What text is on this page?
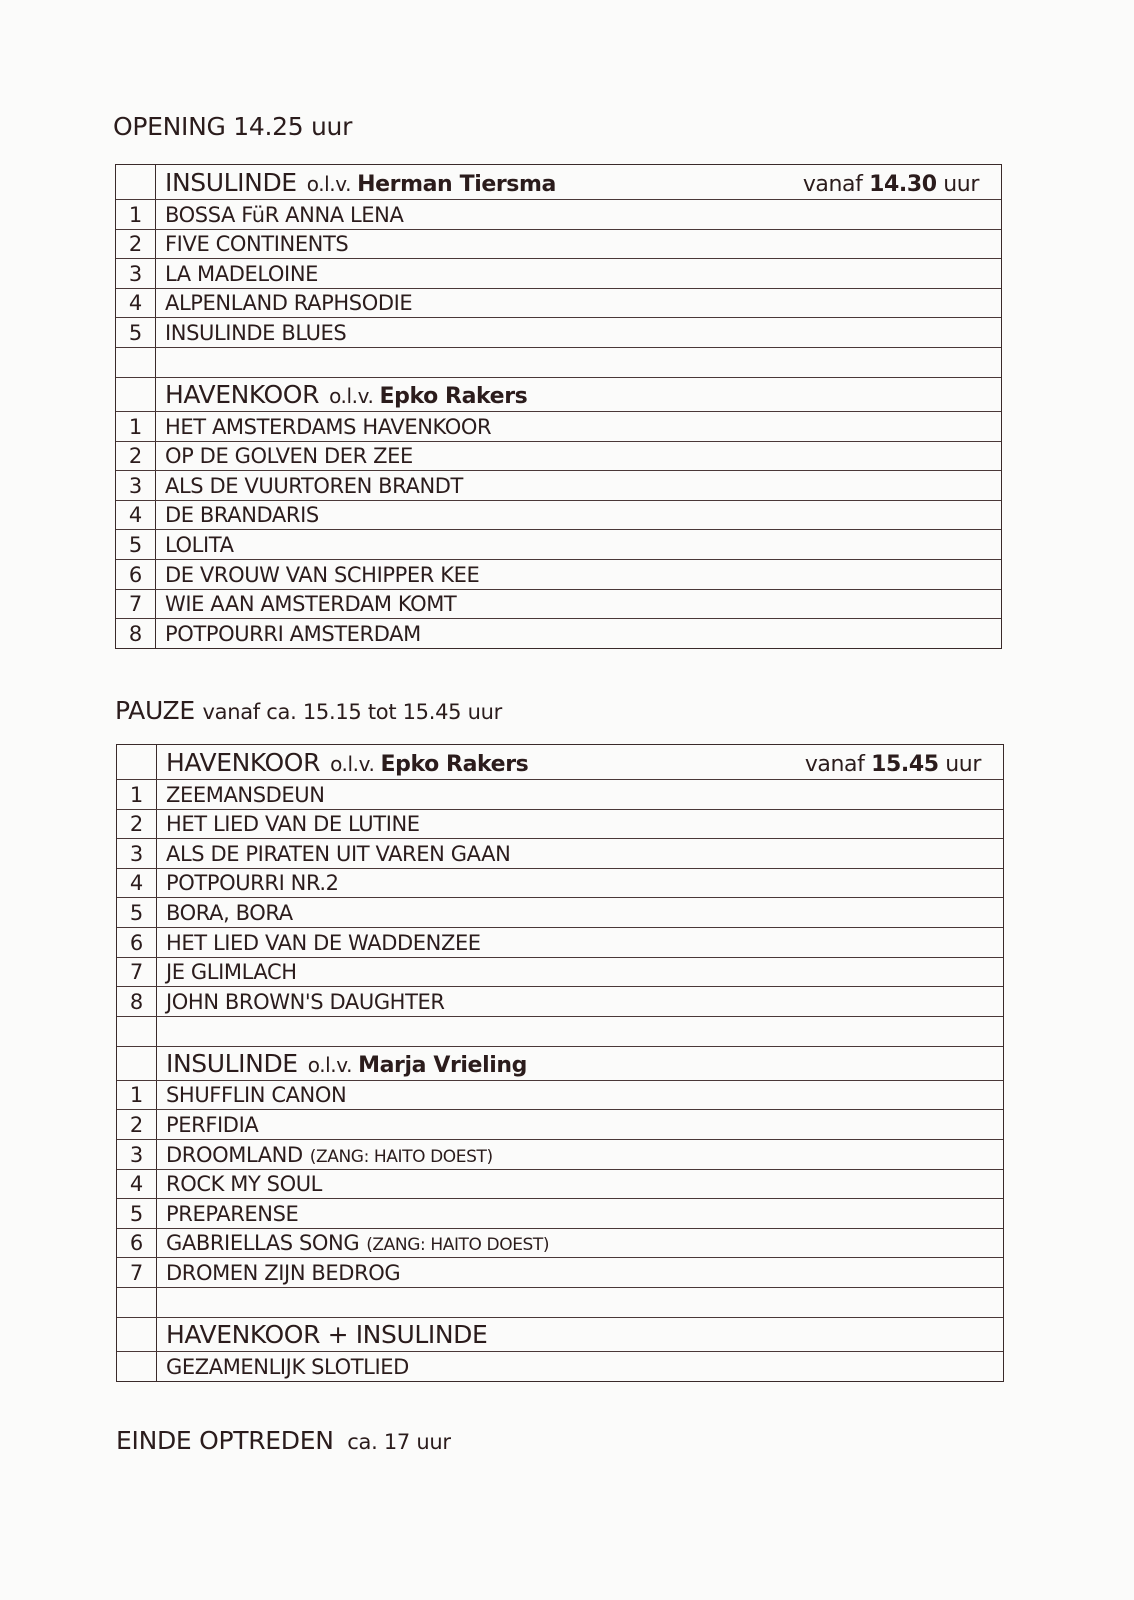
OPENING 14.25 uur
INSULINDE o.l.v. Herman Tiersma	vanaf 14.30 uur
1	BOSSA FüR ANNA LENA
2	FIVE CONTINENTS
3	LA MADELOINE
4	ALPENLAND RAPHSODIE
5	INSULINDE BLUES
HAVENKOOR o.l.v. Epko Rakers
1	HET AMSTERDAMS HAVENKOOR
2	OP DE GOLVEN DER ZEE
3	ALS DE VUURTOREN BRANDT
4	DE BRANDARIS
5	LOLITA
6	DE VROUW VAN SCHIPPER KEE
7	WIE AAN AMSTERDAM KOMT
8	POTPOURRI AMSTERDAM
PAUZE vanaf ca. 15.15 tot 15.45 uur
HAVENKOOR o.l.v. Epko Rakers	vanaf 15.45 uur
1	ZEEMANSDEUN
2	HET LIED VAN DE LUTINE
3	ALS DE PIRATEN UIT VAREN GAAN
4	POTPOURRI NR.2
5	BORA, BORA
6	HET LIED VAN DE WADDENZEE
7	JE GLIMLACH
8	JOHN BROWN'S DAUGHTER
INSULINDE o.l.v. Marja Vrieling
1	SHUFFLIN CANON
2	PERFIDIA
3	DROOMLAND (ZANG: HAITO DOEST)
4	ROCK MY SOUL
5	PREPARENSE
6	GABRIELLAS SONG (ZANG: HAITO DOEST)
7	DROMEN ZIJN BEDROG
HAVENKOOR + INSULINDE
GEZAMENLIJK SLOTLIED
EINDE OPTREDEN ca. 17 uur
